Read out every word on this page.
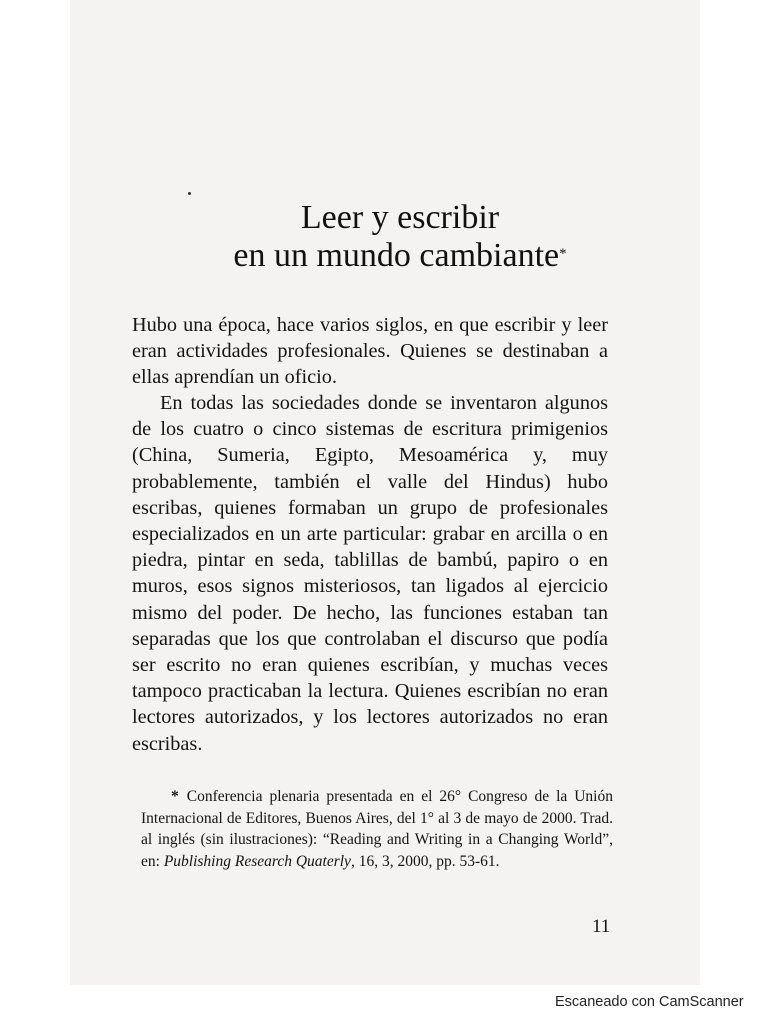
Leer y escribir
en un mundo cambiante*

Hubo una época, hace varios siglos, en que escribir y leer eran actividades profesionales. Quienes se destinaban a ellas aprendían un oficio.

En todas las sociedades donde se inventaron algunos de los cuatro o cinco sistemas de escritura primigenios (China, Sumeria, Egipto, Mesoamérica y, muy probablemente, también el valle del Hindus) hubo escribas, quienes formaban un grupo de profesionales especializados en un arte particular: grabar en arcilla o en piedra, pintar en seda, tablillas de bambú, papiro o en muros, esos signos misteriosos, tan ligados al ejercicio mismo del poder. De hecho, las funciones estaban tan separadas que los que controlaban el discurso que podía ser escrito no eran quienes escribían, y muchas veces tampoco practicaban la lectura. Quienes escribían no eran lectores autorizados, y los lectores autorizados no eran escribas.

* Conferencia plenaria presentada en el 26° Congreso de la Unión Internacional de Editores, Buenos Aires, del 1° al 3 de mayo de 2000. Trad. al inglés (sin ilustraciones): “Reading and Writing in a Changing World”, en: Publishing Research Quaterly, 16, 3, 2000, pp. 53-61.

11
Escaneado con CamScanner
